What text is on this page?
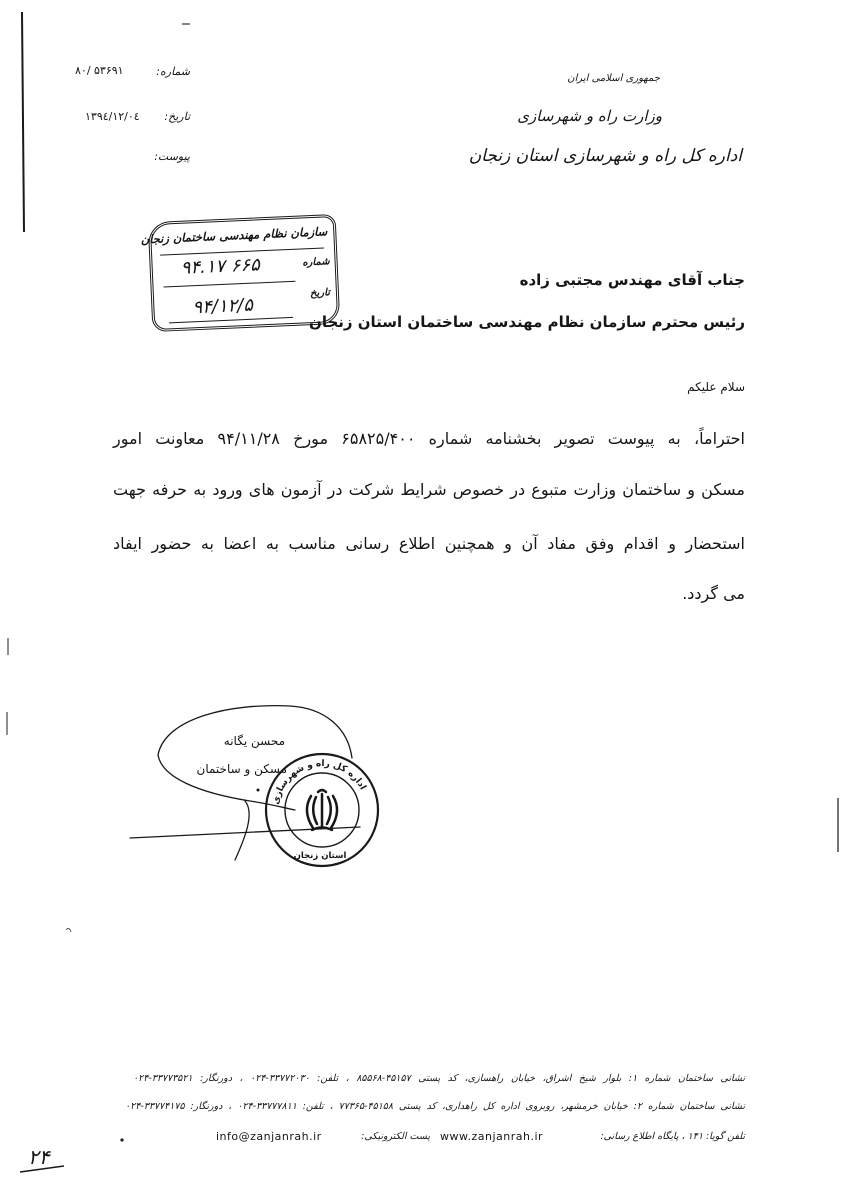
شماره:
۸۰/ ۵۳۶۹۱
تاریخ:
۱۳۹٤/۱۲/۰٤
پیوست:
جمهوری اسلامی ایران
وزارت راه و شهرسازی
اداره کل راه و شهرسازی استان زنجان
سازمان نظام مهندسی ساختمان زنجان
شماره
۹۴.۱۷ ۶۶۵
تاریخ
۹۴/۱۲/۵
جناب آقای مهندس مجتبی زاده
رئیس محترم سازمان نظام مهندسی ساختمان استان زنجان
سلام علیکم
احتراماً، به پیوست تصویر بخشنامه شماره ۶۵۸۲۵/۴۰۰ مورخ ۹۴/۱۱/۲۸ معاونت امور
مسکن و ساختمان وزارت متبوع در خصوص شرایط شرکت در آزمون های ورود به حرفه جهت
استحضار و اقدام وفق مفاد آن و همچنین اطلاع رسانی مناسب به اعضا به حضور ایفاد
می گردد.
محسن یگانه
مسکن و ساختمان
اداره کل راه و شهرسازی
استان زنجان
نشانی ساختمان شماره ۱: بلوار شیخ اشراق، خیابان راهسازی، کد پستی ۴۵۱۵۷-۸۵۵۶۸ ، تلفن: ۳۳۷۷۲۰۳۰-۰۲۴ ، دورنگار: ۳۳۷۷۳۵۲۱-۰۲۴
نشانی ساختمان شماره ۲: خیابان خرمشهر، روبروی اداره کل راهداری، کد پستی ۴۵۱۵۸-۷۷۳۶۵ ، تلفن: ۳۳۷۷۷۸۱۱-۰۲۴ ، دورنگار: ۳۳۷۷۴۱۷۵-۰۲۴
تلفن گویا: ۱۴۱ ، پایگاه اطلاع رسانی:
www.zanjanrah.ir
پست الکترونیکی:
info@zanjanrah.ir
۲۴
